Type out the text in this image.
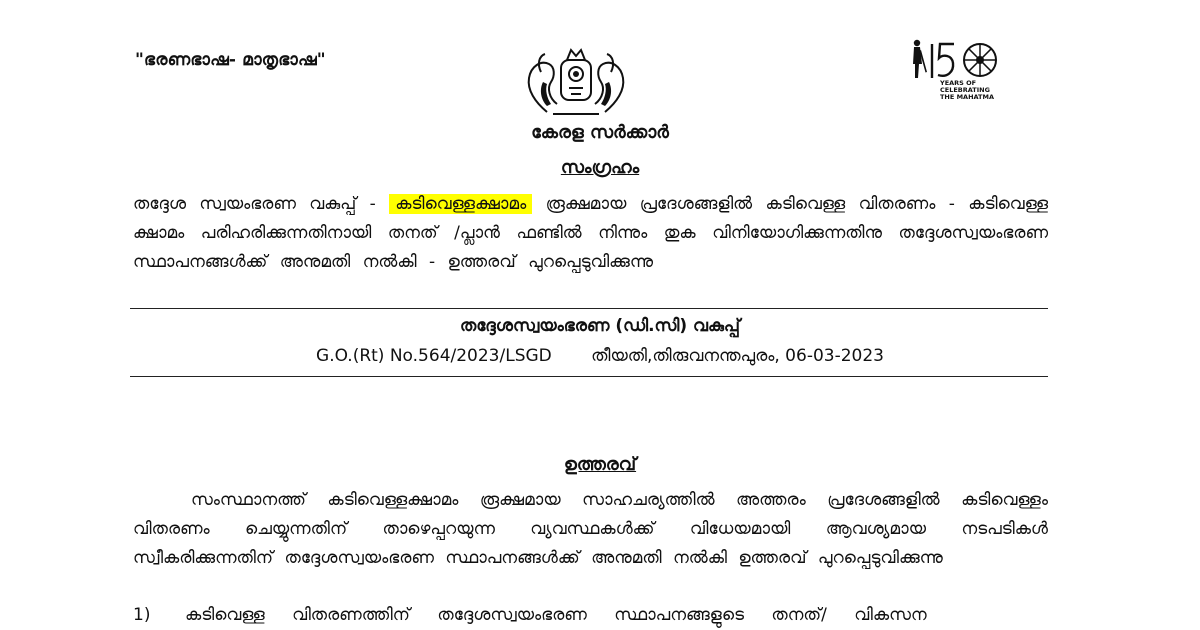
"ഭരണഭാഷ- മാതൃഭാഷ"
YEARS OF
CELEBRATING
THE MAHATMA
കേരള സർക്കാർ
സംഗ്രഹം
തദ്ദേശ സ്വയംഭരണ വകുപ്പ് - കടിവെള്ളക്ഷാമം രൂക്ഷമായ പ്രദേശങ്ങളിൽ കടിവെള്ള വിതരണം - കടിവെള്ള ക്ഷാമം പരിഹരിക്കുന്നതിനായി തനത് /പ്ലാൻ ഫണ്ടിൽ നിന്നും തുക വിനിയോഗിക്കുന്നതിനു തദ്ദേശസ്വയംഭരണ സ്ഥാപനങ്ങൾക്ക് അനുമതി നൽകി - ഉത്തരവ് പുറപ്പെടുവിക്കുന്നു
തദ്ദേശസ്വയംഭരണ (ഡി.സി) വകുപ്പ്
G.O.(Rt) No.564/2023/LSGD തീയതി,തിരുവനന്തപുരം, 06-03-2023
ഉത്തരവ്
സംസ്ഥാനത്ത് കടിവെള്ളക്ഷാമം രൂക്ഷമായ സാഹചര്യത്തിൽ അത്തരം പ്രദേശങ്ങളിൽ കടിവെള്ളം വിതരണം ചെയ്യുന്നതിന് താഴെപ്പറയുന്ന വ്യവസ്ഥകൾക്ക് വിധേയമായി ആവശ്യമായ നടപടികൾ സ്വീകരിക്കുന്നതിന് തദ്ദേശസ്വയംഭരണ സ്ഥാപനങ്ങൾക്ക് അനുമതി നൽകി ഉത്തരവ് പുറപ്പെടുവിക്കുന്നു
1) കടിവെള്ള വിതരണത്തിന് തദ്ദേശസ്വയംഭരണ സ്ഥാപനങ്ങളുടെ തനത്/ വികസന
